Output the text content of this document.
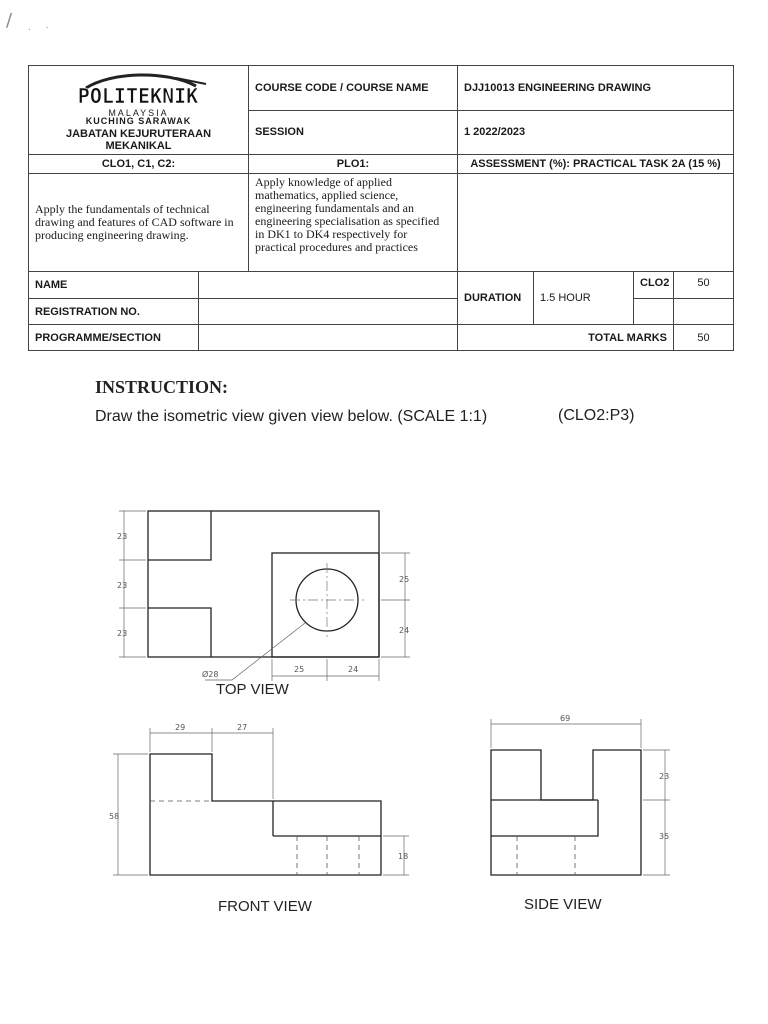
/ . ·
POLITEKNIK
MALAYSIA
KUCHING SARAWAK
JABATAN KEJURUTERAAN MEKANIKAL		COURSE CODE / COURSE NAME	DJJ10013 ENGINEERING DRAWING			
		SESSION	1 2022/2023			
CLO1, C1, C2:		PLO1:	ASSESSMENT (%): PRACTICAL TASK 2A (15 %)			
Apply the fundamentals of technical drawing and features of CAD software in producing engineering drawing.		Apply knowledge of applied mathematics, applied science, engineering fundamentals and an engineering specialisation as specified in DK1 to DK4 respectively for practical procedures and practices				
NAME			DURATION	1.5 HOUR	CLO2	50
REGISTRATION NO.						
PROGRAMME/SECTION			TOTAL MARKS			50
INSTRUCTION:
Draw the isometric view given view below. (SCALE 1:1)	(CLO2:P3)
23
23
23
25
24
25	24
Ø28
TOP VIEW
29	27
58
18
FRONT VIEW
69
23
35
SIDE VIEW
